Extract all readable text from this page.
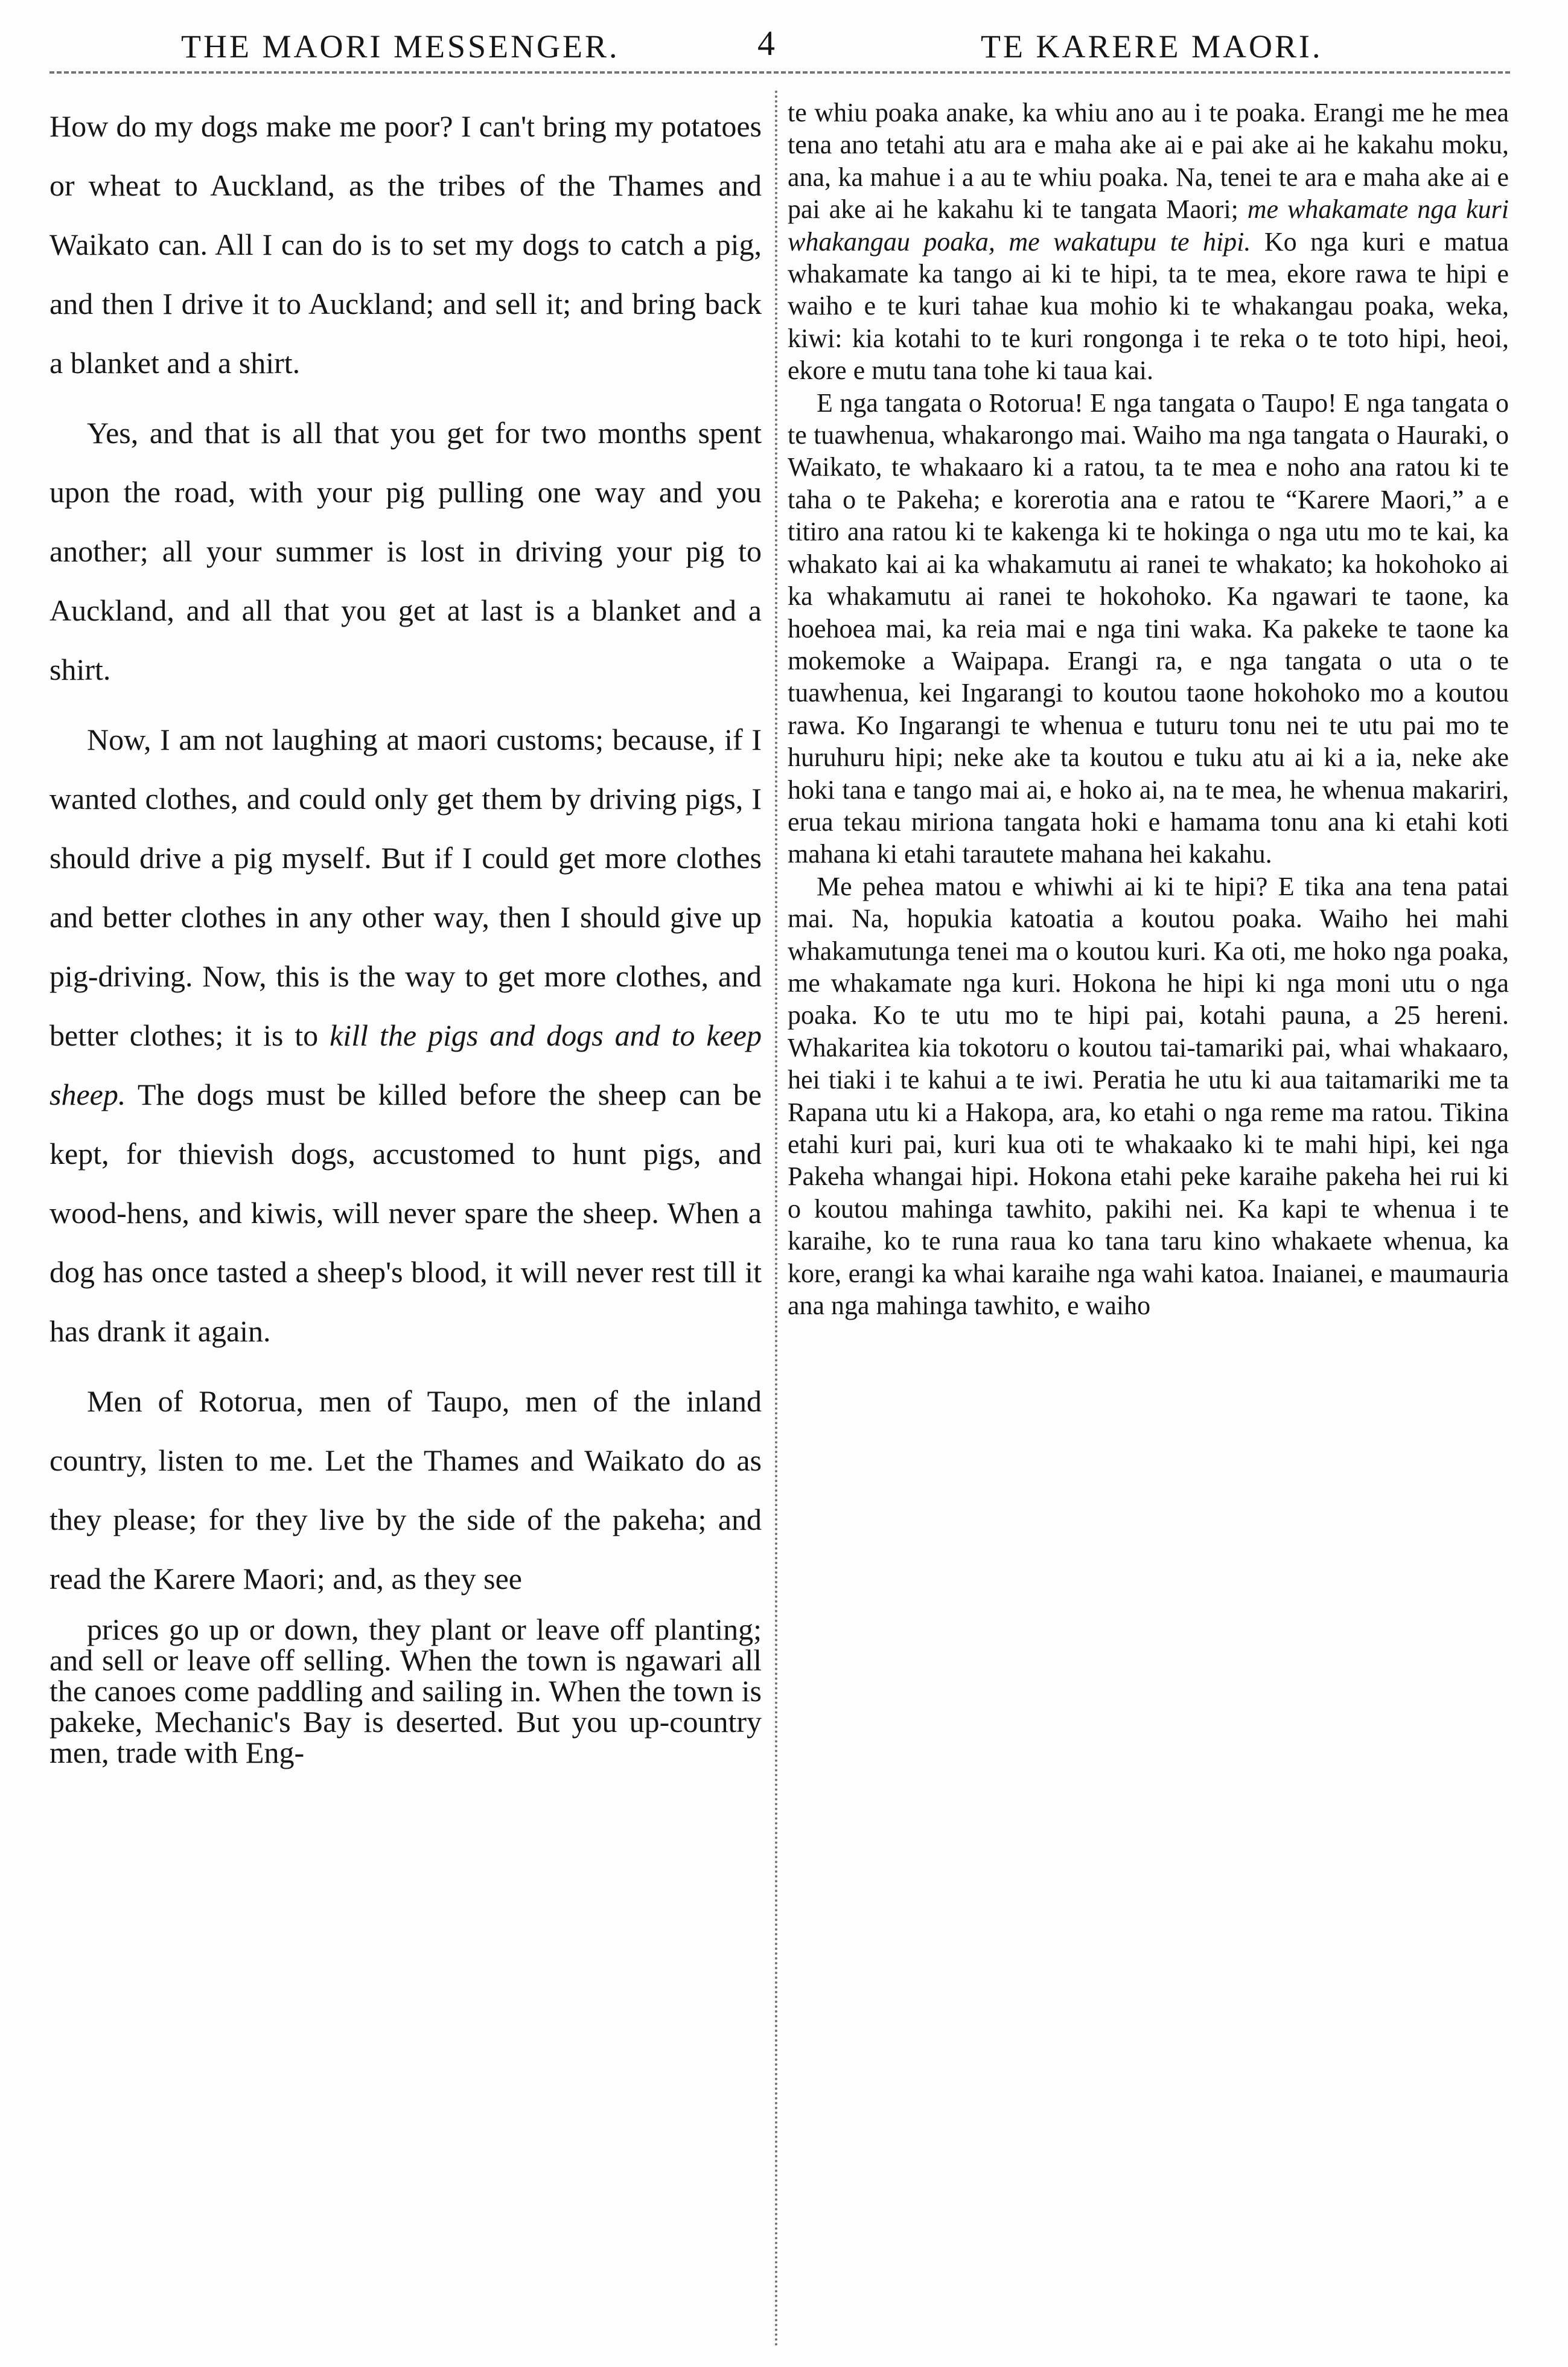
THE MAORI MESSENGER.	4	TE KARERE MAORI.

How do my dogs make me poor? I can't bring my potatoes or wheat to Auckland, as the tribes of the Thames and Waikato can. All I can do is to set my dogs to catch a pig, and then I drive it to Auckland; and sell it; and bring back a blanket and a shirt.

Yes, and that is all that you get for two months spent upon the road, with your pig pulling one way and you another; all your summer is lost in driving your pig to Auckland, and all that you get at last is a blanket and a shirt.

Now, I am not laughing at maori customs; because, if I wanted clothes, and could only get them by driving pigs, I should drive a pig myself. But if I could get more clothes and better clothes in any other way, then I should give up pig-driving. Now, this is the way to get more clothes, and better clothes; it is to kill the pigs and dogs and to keep sheep. The dogs must be killed before the sheep can be kept, for thievish dogs, accustomed to hunt pigs, and wood-hens, and kiwis, will never spare the sheep. When a dog has once tasted a sheep's blood, it will never rest till it has drank it again.

Men of Rotorua, men of Taupo, men of the inland country, listen to me. Let the Thames and Waikato do as they please; for they live by the side of the pakeha; and read the Karere Maori; and, as they see

prices go up or down, they plant or leave off planting; and sell or leave off selling. When the town is ngawari all the canoes come paddling and sailing in. When the town is pakeke, Mechanic's Bay is deserted. But you up-country men, trade with Eng-

te whiu poaka anake, ka whiu ano au i te poaka. Erangi me he mea tena ano tetahi atu ara e maha ake ai e pai ake ai he kakahu moku, ana, ka mahue i a au te whiu poaka. Na, tenei te ara e maha ake ai e pai ake ai he kakahu ki te tangata Maori; me whakamate nga kuri whakangau poaka, me wakatupu te hipi. Ko nga kuri e matua whakamate ka tango ai ki te hipi, ta te mea, ekore rawa te hipi e waiho e te kuri tahae kua mohio ki te whakangau poaka, weka, kiwi: kia kotahi to te kuri rongonga i te reka o te toto hipi, heoi, ekore e mutu tana tohe ki taua kai.

E nga tangata o Rotorua! E nga tangata o Taupo! E nga tangata o te tuawhenua, whakarongo mai. Waiho ma nga tangata o Hauraki, o Waikato, te whakaaro ki a ratou, ta te mea e noho ana ratou ki te taha o te Pakeha; e korerotia ana e ratou te “Karere Maori,” a e titiro ana ratou ki te kakenga ki te hokinga o nga utu mo te kai, ka whakato kai ai ka whakamutu ai ranei te whakato; ka hokohoko ai ka whakamutu ai ranei te hokohoko. Ka ngawari te taone, ka hoehoea mai, ka reia mai e nga tini waka. Ka pakeke te taone ka mokemoke a Waipapa. Erangi ra, e nga tangata o uta o te tuawhenua, kei Ingarangi to koutou taone hokohoko mo a koutou rawa. Ko Ingarangi te whenua e tuturu tonu nei te utu pai mo te huruhuru hipi; neke ake ta koutou e tuku atu ai ki a ia, neke ake hoki tana e tango mai ai, e hoko ai, na te mea, he whenua makariri, erua tekau miriona tangata hoki e hamama tonu ana ki etahi koti mahana ki etahi tarautete mahana hei kakahu.

Me pehea matou e whiwhi ai ki te hipi? E tika ana tena patai mai. Na, hopukia katoatia a koutou poaka. Waiho hei mahi whakamutunga tenei ma o koutou kuri. Ka oti, me hoko nga poaka, me whakamate nga kuri. Hokona he hipi ki nga moni utu o nga poaka. Ko te utu mo te hipi pai, kotahi pauna, a 25 hereni. Whakaritea kia tokotoru o koutou tai-tamariki pai, whai whakaaro, hei tiaki i te kahui a te iwi. Peratia he utu ki aua taitamariki me ta Rapana utu ki a Hakopa, ara, ko etahi o nga reme ma ratou. Tikina etahi kuri pai, kuri kua oti te whakaako ki te mahi hipi, kei nga Pakeha whangai hipi. Hokona etahi peke karaihe pakeha hei rui ki o koutou mahinga tawhito, pakihi nei. Ka kapi te whenua i te karaihe, ko te runa raua ko tana taru kino whakaete whenua, ka kore, erangi ka whai karaihe nga wahi katoa. Inaianei, e maumauria ana nga mahinga tawhito, e waiho
